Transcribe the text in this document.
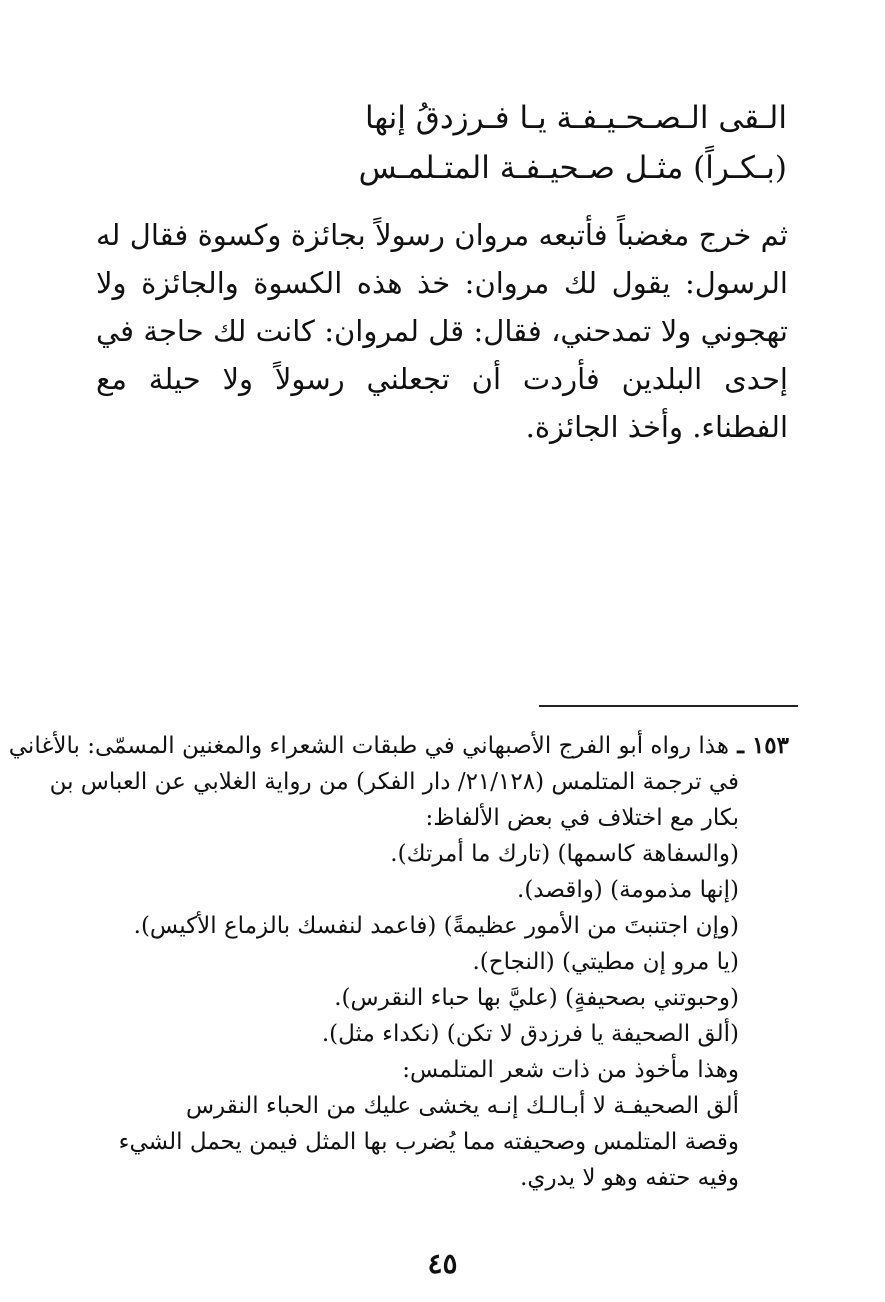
الـقى الـصـحـيـفـة يـا فـرزدقُ إنها
(بـكـراً) مثـل صـحيـفـة المتـلمـس

ثم خرج مغضباً فأتبعه مروان رسولاً بجائزة وكسوة فقال له الرسول: يقول لك مروان: خذ هذه الكسوة والجائزة ولا تهجوني ولا تمدحني، فقال: قل لمروان: كانت لك حاجة في إحدى البلدين فأردت أن تجعلني رسولاً ولا حيلة مع الفطناء. وأخذ الجائزة.

١٥٣ ـ
هذا رواه أبو الفرج الأصبهاني في طبقات الشعراء والمغنين المسمّى: بالأغاني
في ترجمة المتلمس (٢١/١٢٨/ دار الفكر) من رواية الغلابي عن العباس بن
بكار مع اختلاف في بعض الألفاظ:
(والسفاهة كاسمها) (تارك ما أمرتك).
(إنها مذمومة) (واقصد).
(وإن اجتنبتَ من الأمور عظيمةً) (فاعمد لنفسك بالزماع الأكيس).
(يا مرو إن مطيتي) (النجاح).
(وحبوتني بصحيفةٍ) (عليَّ بها حباء النقرس).
(ألق الصحيفة يا فرزدق لا تكن) (نكداء مثل).
وهذا مأخوذ من ذات شعر المتلمس:
ألق الصحيفـة لا أبـالـك إنـه يخشى عليك من الحباء النقرس
وقصة المتلمس وصحيفته مما يُضرب بها المثل فيمن يحمل الشيء وفيه حتفه وهو لا يدري.
٤٥
